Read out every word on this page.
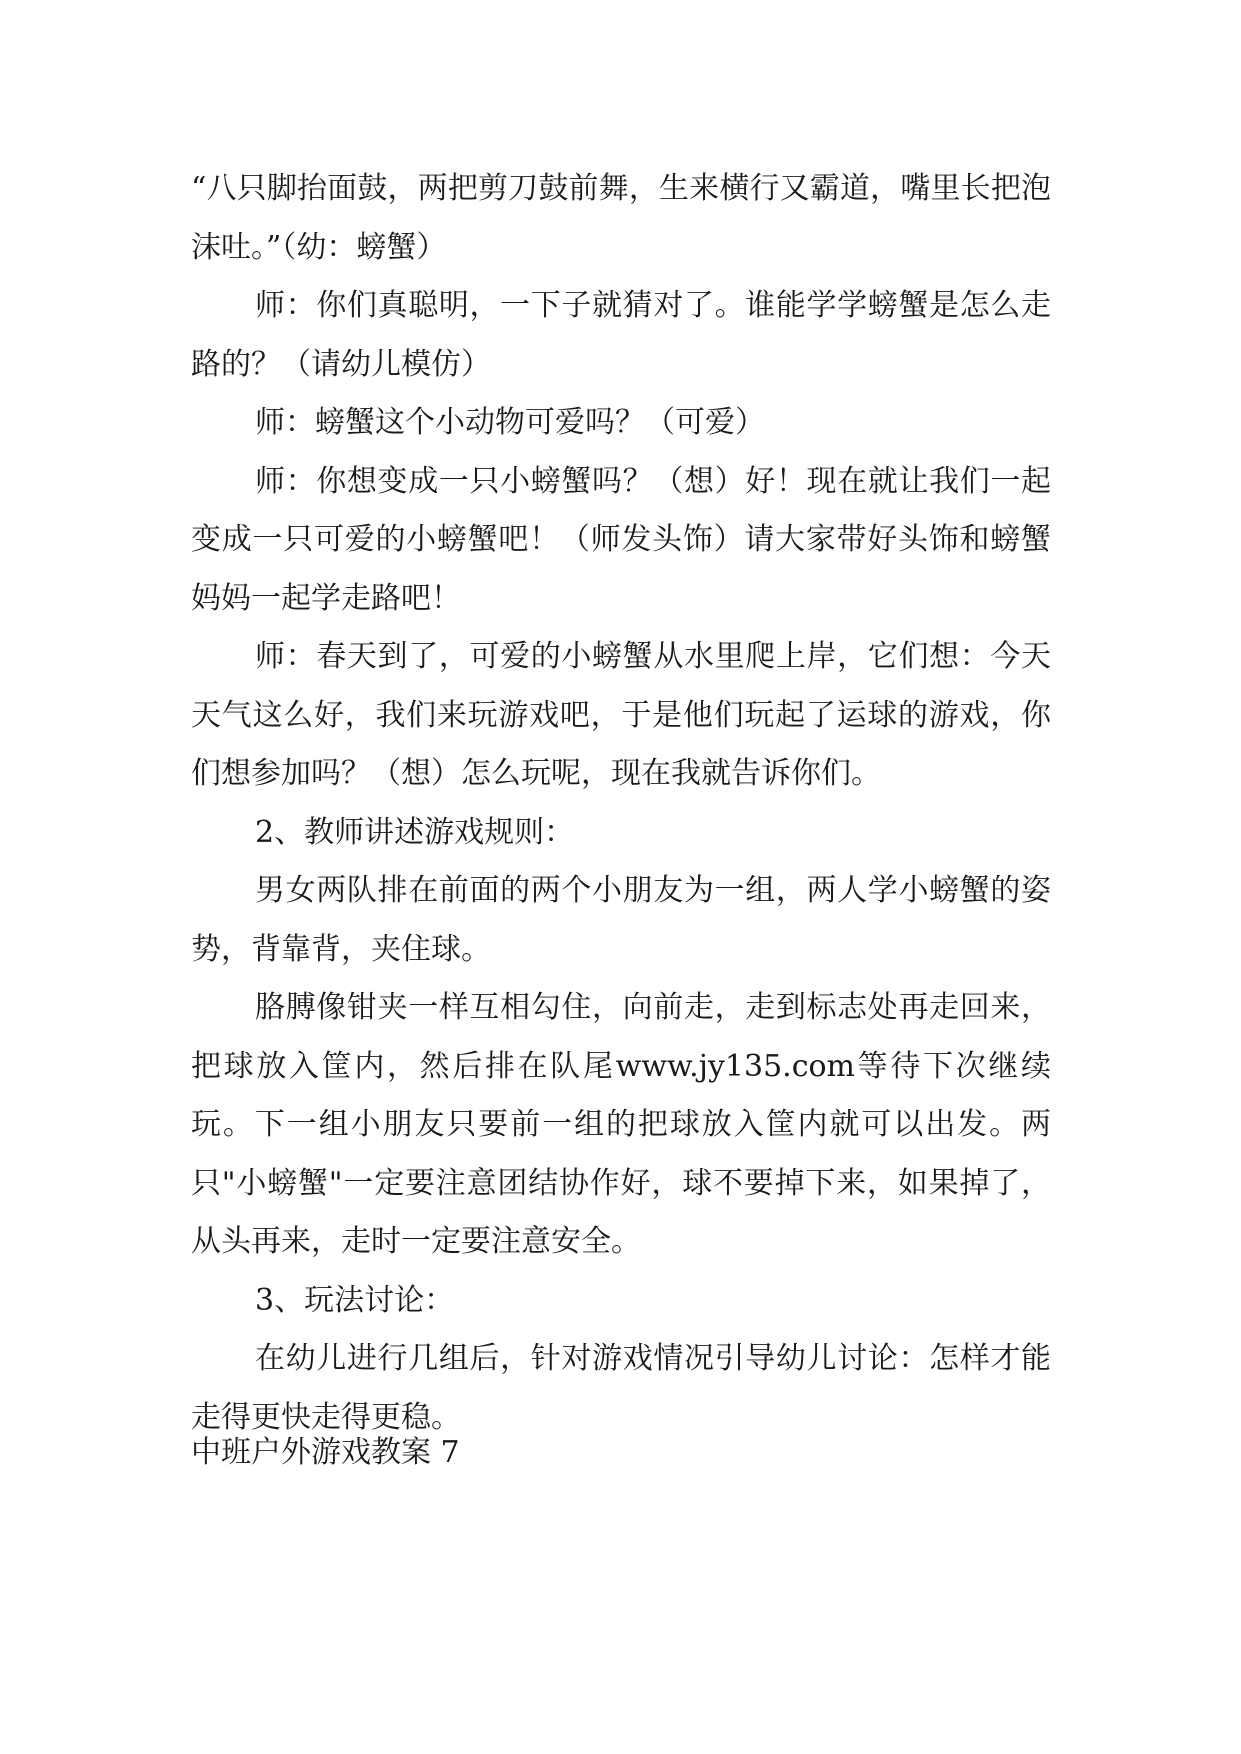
“八只脚抬面鼓，两把剪刀鼓前舞，生来横行又霸道，嘴里长把泡沫吐。”（幼：螃蟹）

师：你们真聪明，一下子就猜对了。谁能学学螃蟹是怎么走路的？（请幼儿模仿）

师：螃蟹这个小动物可爱吗？（可爱）

师：你想变成一只小螃蟹吗？（想）好！现在就让我们一起变成一只可爱的小螃蟹吧！（师发头饰）请大家带好头饰和螃蟹妈妈一起学走路吧！

师：春天到了，可爱的小螃蟹从水里爬上岸，它们想：今天天气这么好，我们来玩游戏吧，于是他们玩起了运球的游戏，你们想参加吗？（想）怎么玩呢，现在我就告诉你们。

2、教师讲述游戏规则：

男女两队排在前面的两个小朋友为一组，两人学小螃蟹的姿势，背靠背，夹住球。

胳膊像钳夹一样互相勾住，向前走，走到标志处再走回来，把球放入筐内，然后排在队尾www.jy135.com等待下次继续玩。下一组小朋友只要前一组的把球放入筐内就可以出发。两只"小螃蟹"一定要注意团结协作好，球不要掉下来，如果掉了，从头再来，走时一定要注意安全。

3、玩法讨论：

在幼儿进行几组后，针对游戏情况引导幼儿讨论：怎样才能走得更快走得更稳。

中班户外游戏教案 7
